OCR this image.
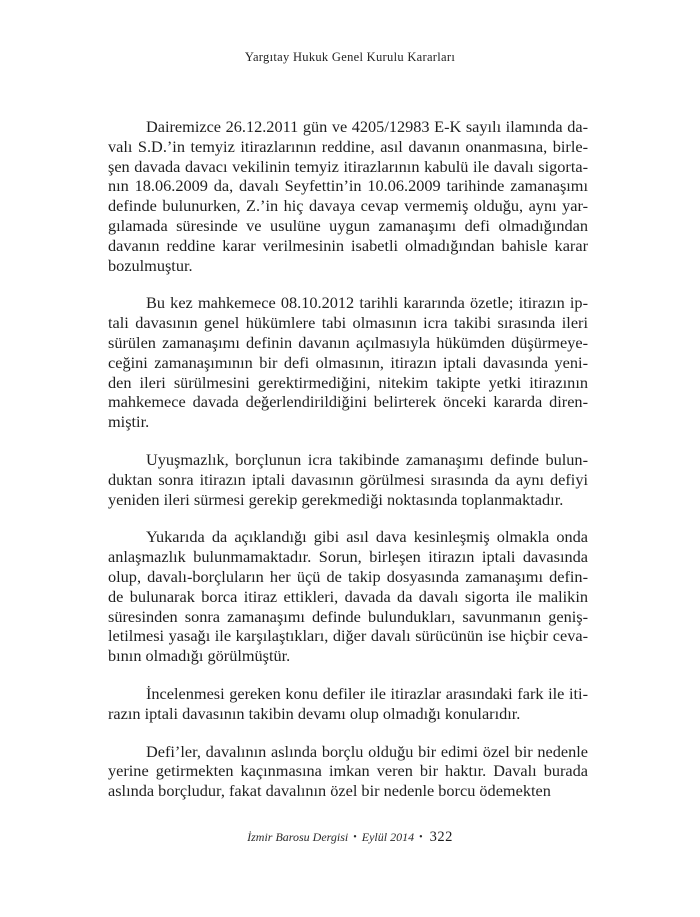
Yargıtay Hukuk Genel Kurulu Kararları

Dairemizce 26.12.2011 gün ve 4205/12983 E-K sayılı ilamında da-
valı S.D.’in temyiz itirazlarının reddine, asıl davanın onanmasına, birle-
şen davada davacı vekilinin temyiz itirazlarının kabulü ile davalı sigorta-
nın 18.06.2009 da, davalı Seyfettin’in 10.06.2009 tarihinde zamanaşımı
definde bulunurken, Z.’in hiç davaya cevap vermemiş olduğu, aynı yar-
gılamada süresinde ve usulüne uygun zamanaşımı defi olmadığından
davanın reddine karar verilmesinin isabetli olmadığından bahisle karar
bozulmuştur.

Bu kez mahkemece 08.10.2012 tarihli kararında özetle; itirazın ip-
tali davasının genel hükümlere tabi olmasının icra takibi sırasında ileri
sürülen zamanaşımı definin davanın açılmasıyla hükümden düşürmeye-
ceğini zamanaşımının bir defi olmasının, itirazın iptali davasında yeni-
den ileri sürülmesini gerektirmediğini, nitekim takipte yetki itirazının
mahkemece davada değerlendirildiğini belirterek önceki kararda diren-
miştir.

Uyuşmazlık, borçlunun icra takibinde zamanaşımı definde bulun-
duktan sonra itirazın iptali davasının görülmesi sırasında da aynı defiyi
yeniden ileri sürmesi gerekip gerekmediği noktasında toplanmaktadır.

Yukarıda da açıklandığı gibi asıl dava kesinleşmiş olmakla onda
anlaşmazlık bulunmamaktadır. Sorun, birleşen itirazın iptali davasında
olup, davalı-borçluların her üçü de takip dosyasında zamanaşımı defin-
de bulunarak borca itiraz ettikleri, davada da davalı sigorta ile malikin
süresinden sonra zamanaşımı definde bulundukları, savunmanın geniş-
letilmesi yasağı ile karşılaştıkları, diğer davalı sürücünün ise hiçbir ceva-
bının olmadığı görülmüştür.

İncelenmesi gereken konu defiler ile itirazlar arasındaki fark ile iti-
razın iptali davasının takibin devamı olup olmadığı konularıdır.

Defi’ler, davalının aslında borçlu olduğu bir edimi özel bir nedenle
yerine getirmekten kaçınmasına imkan veren bir haktır. Davalı burada
aslında borçludur, fakat davalının özel bir nedenle borcu ödemekten

İzmir Barosu Dergisi • Eylül 2014 • 322
